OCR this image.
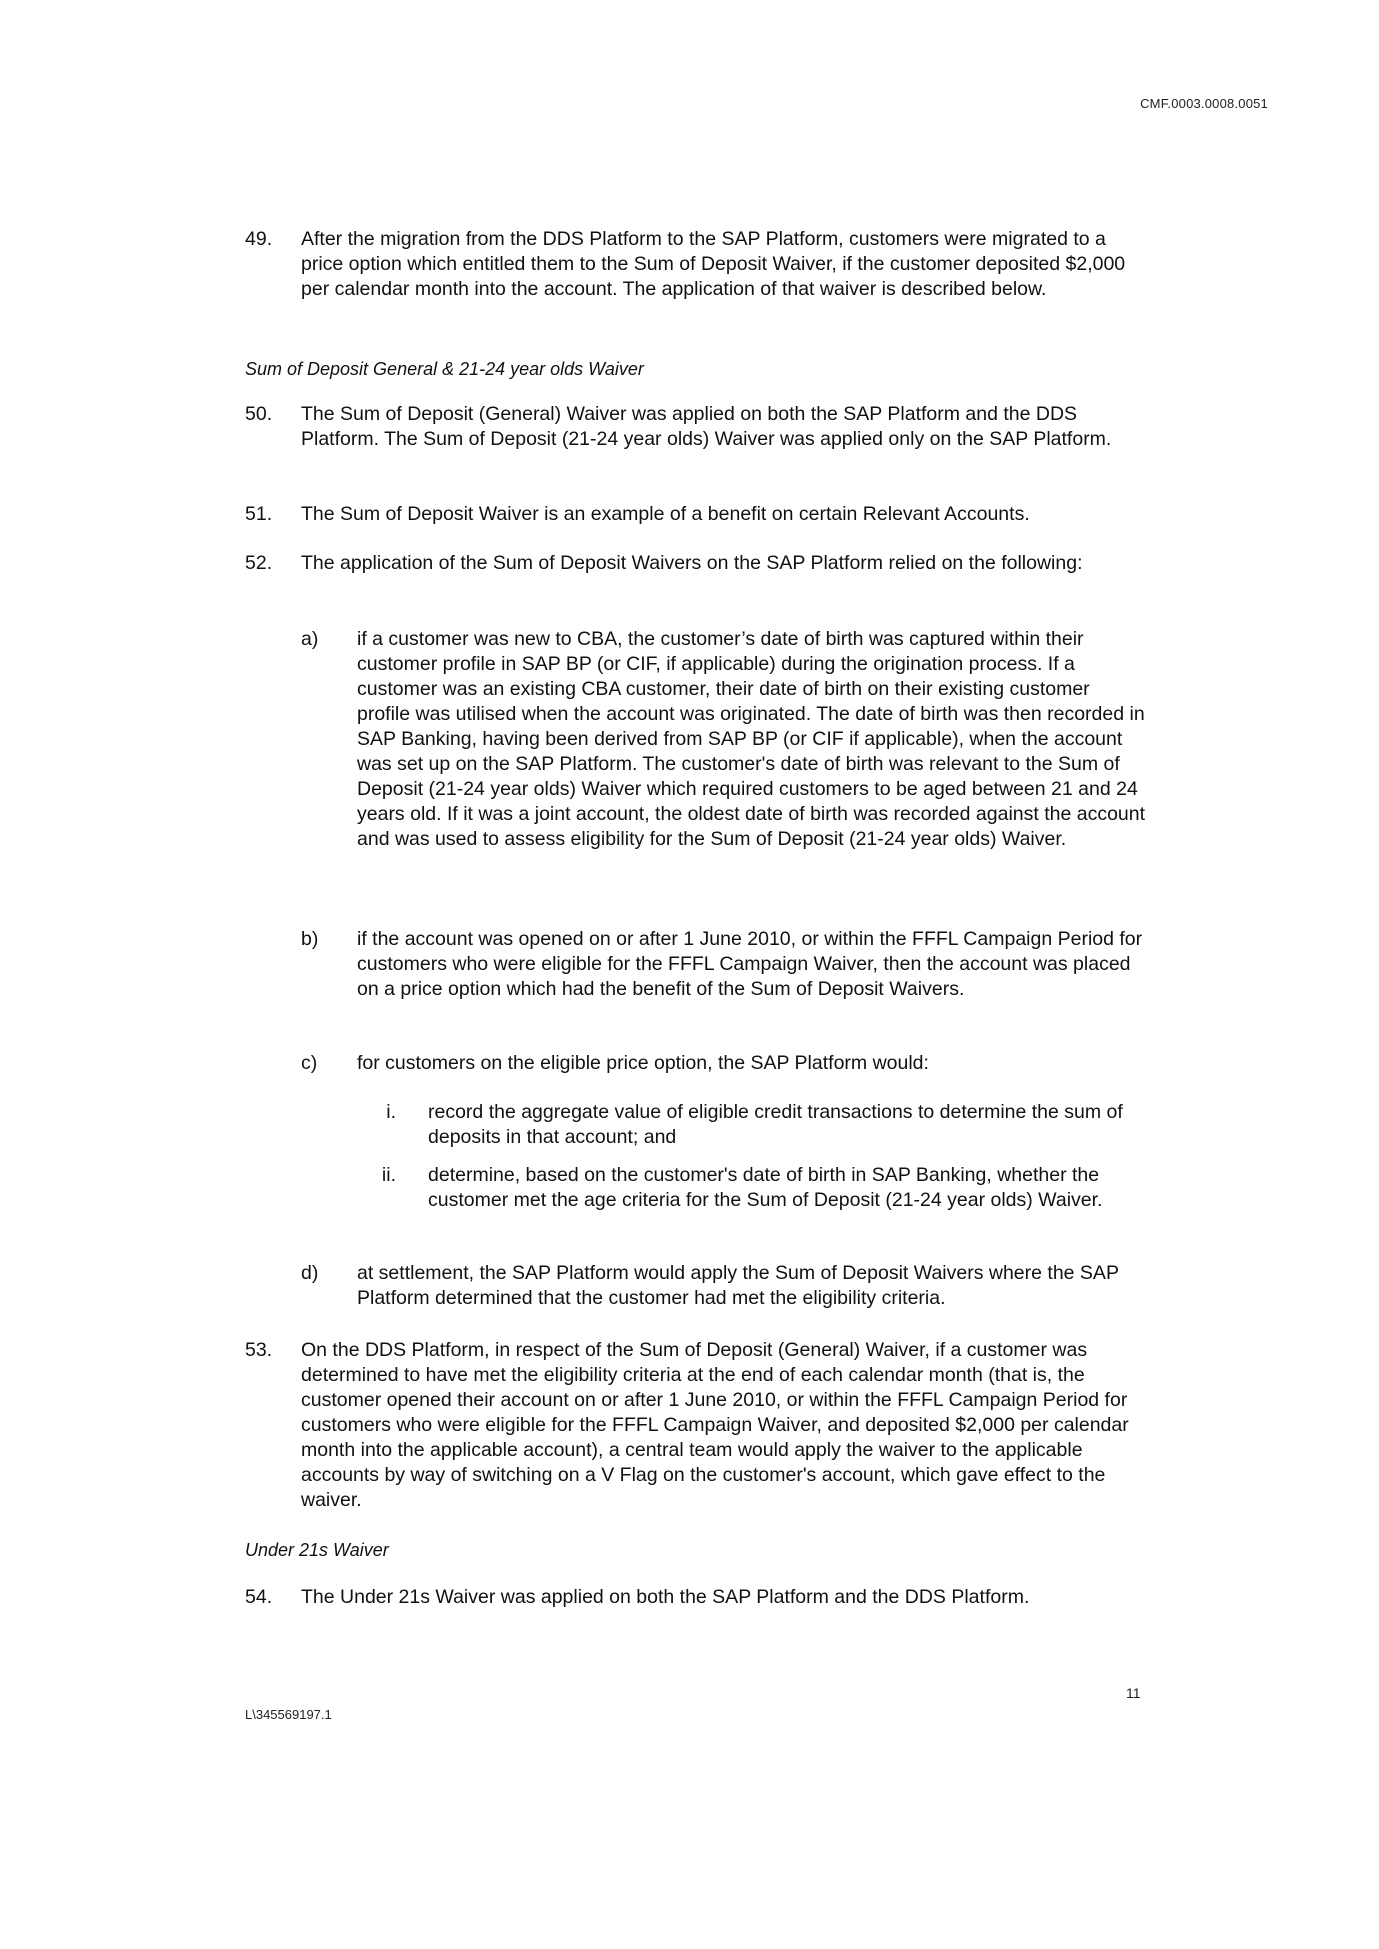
CMF.0003.0008.0051
49. After the migration from the DDS Platform to the SAP Platform, customers were migrated to a price option which entitled them to the Sum of Deposit Waiver, if the customer deposited $2,000 per calendar month into the account. The application of that waiver is described below.
Sum of Deposit General & 21-24 year olds Waiver
50. The Sum of Deposit (General) Waiver was applied on both the SAP Platform and the DDS Platform. The Sum of Deposit (21-24 year olds) Waiver was applied only on the SAP Platform.
51. The Sum of Deposit Waiver is an example of a benefit on certain Relevant Accounts.
52. The application of the Sum of Deposit Waivers on the SAP Platform relied on the following:
a) if a customer was new to CBA, the customer’s date of birth was captured within their customer profile in SAP BP (or CIF, if applicable) during the origination process. If a customer was an existing CBA customer, their date of birth on their existing customer profile was utilised when the account was originated. The date of birth was then recorded in SAP Banking, having been derived from SAP BP (or CIF if applicable), when the account was set up on the SAP Platform. The customer's date of birth was relevant to the Sum of Deposit (21-24 year olds) Waiver which required customers to be aged between 21 and 24 years old. If it was a joint account, the oldest date of birth was recorded against the account and was used to assess eligibility for the Sum of Deposit (21-24 year olds) Waiver.
b) if the account was opened on or after 1 June 2010, or within the FFFL Campaign Period for customers who were eligible for the FFFL Campaign Waiver, then the account was placed on a price option which had the benefit of the Sum of Deposit Waivers.
c) for customers on the eligible price option, the SAP Platform would:
i. record the aggregate value of eligible credit transactions to determine the sum of deposits in that account; and
ii. determine, based on the customer's date of birth in SAP Banking, whether the customer met the age criteria for the Sum of Deposit (21-24 year olds) Waiver.
d) at settlement, the SAP Platform would apply the Sum of Deposit Waivers where the SAP Platform determined that the customer had met the eligibility criteria.
53. On the DDS Platform, in respect of the Sum of Deposit (General) Waiver, if a customer was determined to have met the eligibility criteria at the end of each calendar month (that is, the customer opened their account on or after 1 June 2010, or within the FFFL Campaign Period for customers who were eligible for the FFFL Campaign Waiver, and deposited $2,000 per calendar month into the applicable account), a central team would apply the waiver to the applicable accounts by way of switching on a V Flag on the customer's account, which gave effect to the waiver.
Under 21s Waiver
54. The Under 21s Waiver was applied on both the SAP Platform and the DDS Platform.
11
L\345569197.1
